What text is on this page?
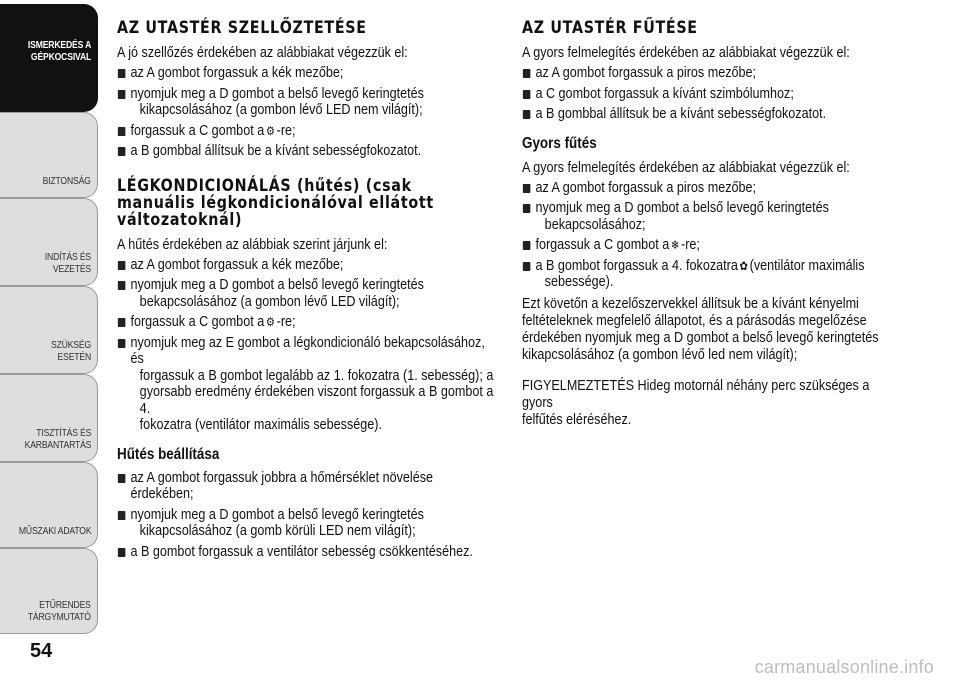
ISMERKEDÉS A
GÉPKOCSIVAL
BIZTONSÁG
INDÍTÁS ÉS VEZETÉS
SZÜKSÉG ESETÉN
TISZTÍTÁS ÉS
KARBANTARTÁS
MŰSZAKI ADATOK
ETŰRENDES
TÁRGYMUTATÓ
54
AZ UTASTÉR SZELLŐZTETÉSE

A jó szellőzés érdekében az alábbiakat végezzük el:

az A gombot forgassuk a kék mezőbe;
nyomjuk meg a D gombot a belső levegő keringtetés
kikapcsolásához (a gombon lévő LED nem világít);
forgassuk a C gombot a ⚙ -re;
a B gombbal állítsuk be a kívánt sebességfokozatot.
LÉGKONDICIONÁLÁS (hűtés) (csak
manuális légkondicionálóval ellátott
változatoknál)

A hűtés érdekében az alábbiak szerint járjunk el:

az A gombot forgassuk a kék mezőbe;
nyomjuk meg a D gombot a belső levegő keringtetés
bekapcsolásához (a gombon lévő LED világít);
forgassuk a C gombot a ⚙ -re;
nyomjuk meg az E gombot a légkondicionáló bekapcsolásához, és
forgassuk a B gombot legalább az 1. fokozatra (1. sebesség); a
gyorsabb eredmény érdekében viszont forgassuk a B gombot a 4.
fokozatra (ventilátor maximális sebessége).
Hűtés beállítása
az A gombot forgassuk jobbra a hőmérséklet növelése érdekében;
nyomjuk meg a D gombot a belső levegő keringtetés
kikapcsolásához (a gomb körüli LED nem világít);
a B gombot forgassuk a ventilátor sebesség csökkentéséhez.
AZ UTASTÉR FŰTÉSE

A gyors felmelegítés érdekében az alábbiakat végezzük el:

az A gombot forgassuk a piros mezőbe;
a C gombot forgassuk a kívánt szimbólumhoz;
a B gombbal állítsuk be a kívánt sebességfokozatot.
Gyors fűtés

A gyors felmelegítés érdekében az alábbiakat végezzük el:

az A gombot forgassuk a piros mezőbe;
nyomjuk meg a D gombot a belső levegő keringtetés
bekapcsolásához;
forgassuk a C gombot a ❄ -re;
a B gombot forgassuk a 4. fokozatra ✿ (ventilátor maximális
sebessége).

Ezt követőn a kezelőszervekkel állítsuk be a kívánt kényelmi
feltételeknek megfelelő állapotot, és a párásodás megelőzése
érdekében nyomjuk meg a D gombot a belső levegő keringtetés
kikapcsolásához (a gombon lévő led nem világít);

FIGYELMEZTETÉS Hideg motornál néhány perc szükséges a gyors
felfűtés eléréséhez.

carmanualsonline.info
